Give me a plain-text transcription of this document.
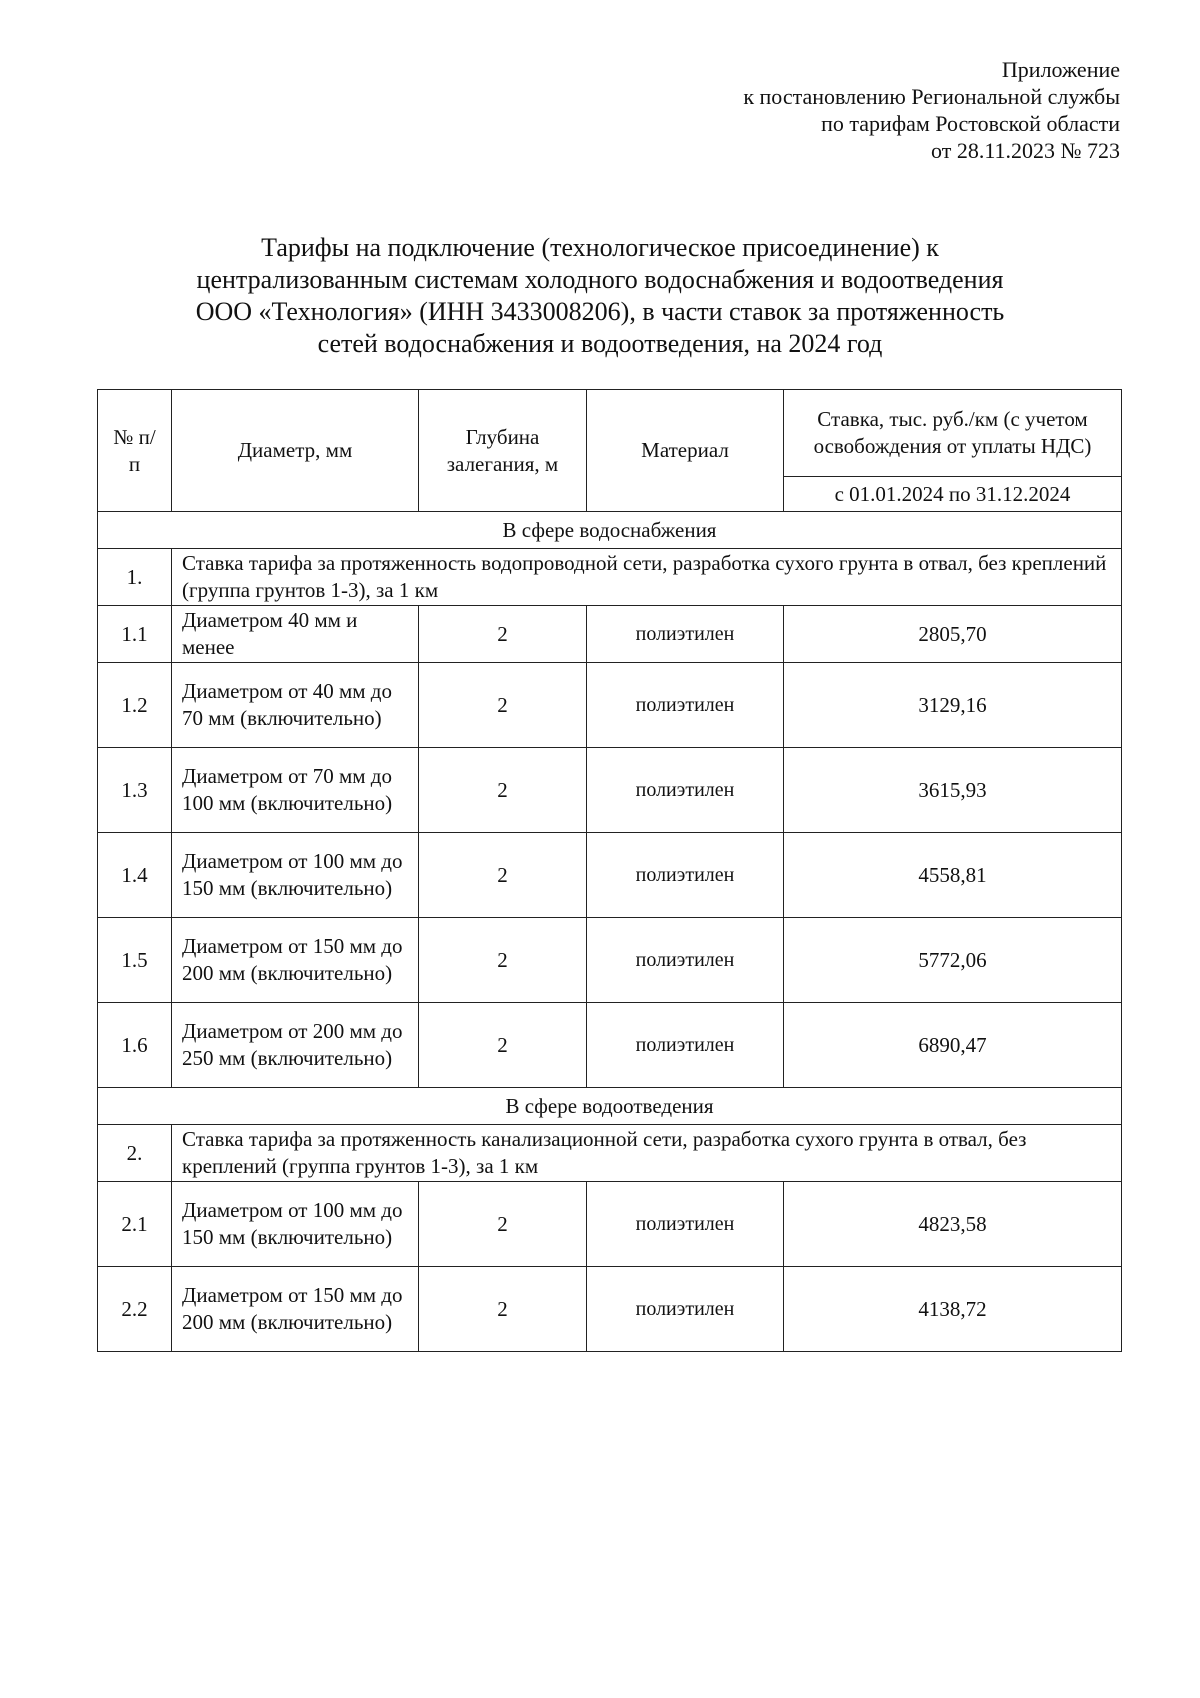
Приложение
к постановлению Региональной службы
по тарифам Ростовской области
от 28.11.2023 № 723
Тарифы на подключение (технологическое присоединение) к
централизованным системам холодного водоснабжения и водоотведения
ООО «Технология» (ИНН 3433008206), в части ставок за протяженность
сетей водоснабжения и водоотведения, на 2024 год
№ п/п	Диаметр, мм	Глубина залегания, м	Материал	Ставка, тыс. руб./км (с учетом освобождения от уплаты НДС)
				с 01.01.2024 по 31.12.2024
В сфере водоснабжения				
1.	Ставка тарифа за протяженность водопроводной сети, разработка сухого грунта в отвал, без креплений (группа грунтов 1-3), за 1 км			
1.1	Диаметром 40 мм и менее	2	полиэтилен	2805,70
1.2	Диаметром от 40 мм до 70 мм (включительно)	2	полиэтилен	3129,16
1.3	Диаметром от 70 мм до 100 мм (включительно)	2	полиэтилен	3615,93
1.4	Диаметром от 100 мм до 150 мм (включительно)	2	полиэтилен	4558,81
1.5	Диаметром от 150 мм до 200 мм (включительно)	2	полиэтилен	5772,06
1.6	Диаметром от 200 мм до 250 мм (включительно)	2	полиэтилен	6890,47
В сфере водоотведения				
2.	Ставка тарифа за протяженность канализационной сети, разработка сухого грунта в отвал, без креплений (группа грунтов 1-3), за 1 км			
2.1	Диаметром от 100 мм до 150 мм (включительно)	2	полиэтилен	4823,58
2.2	Диаметром от 150 мм до 200 мм (включительно)	2	полиэтилен	4138,72
